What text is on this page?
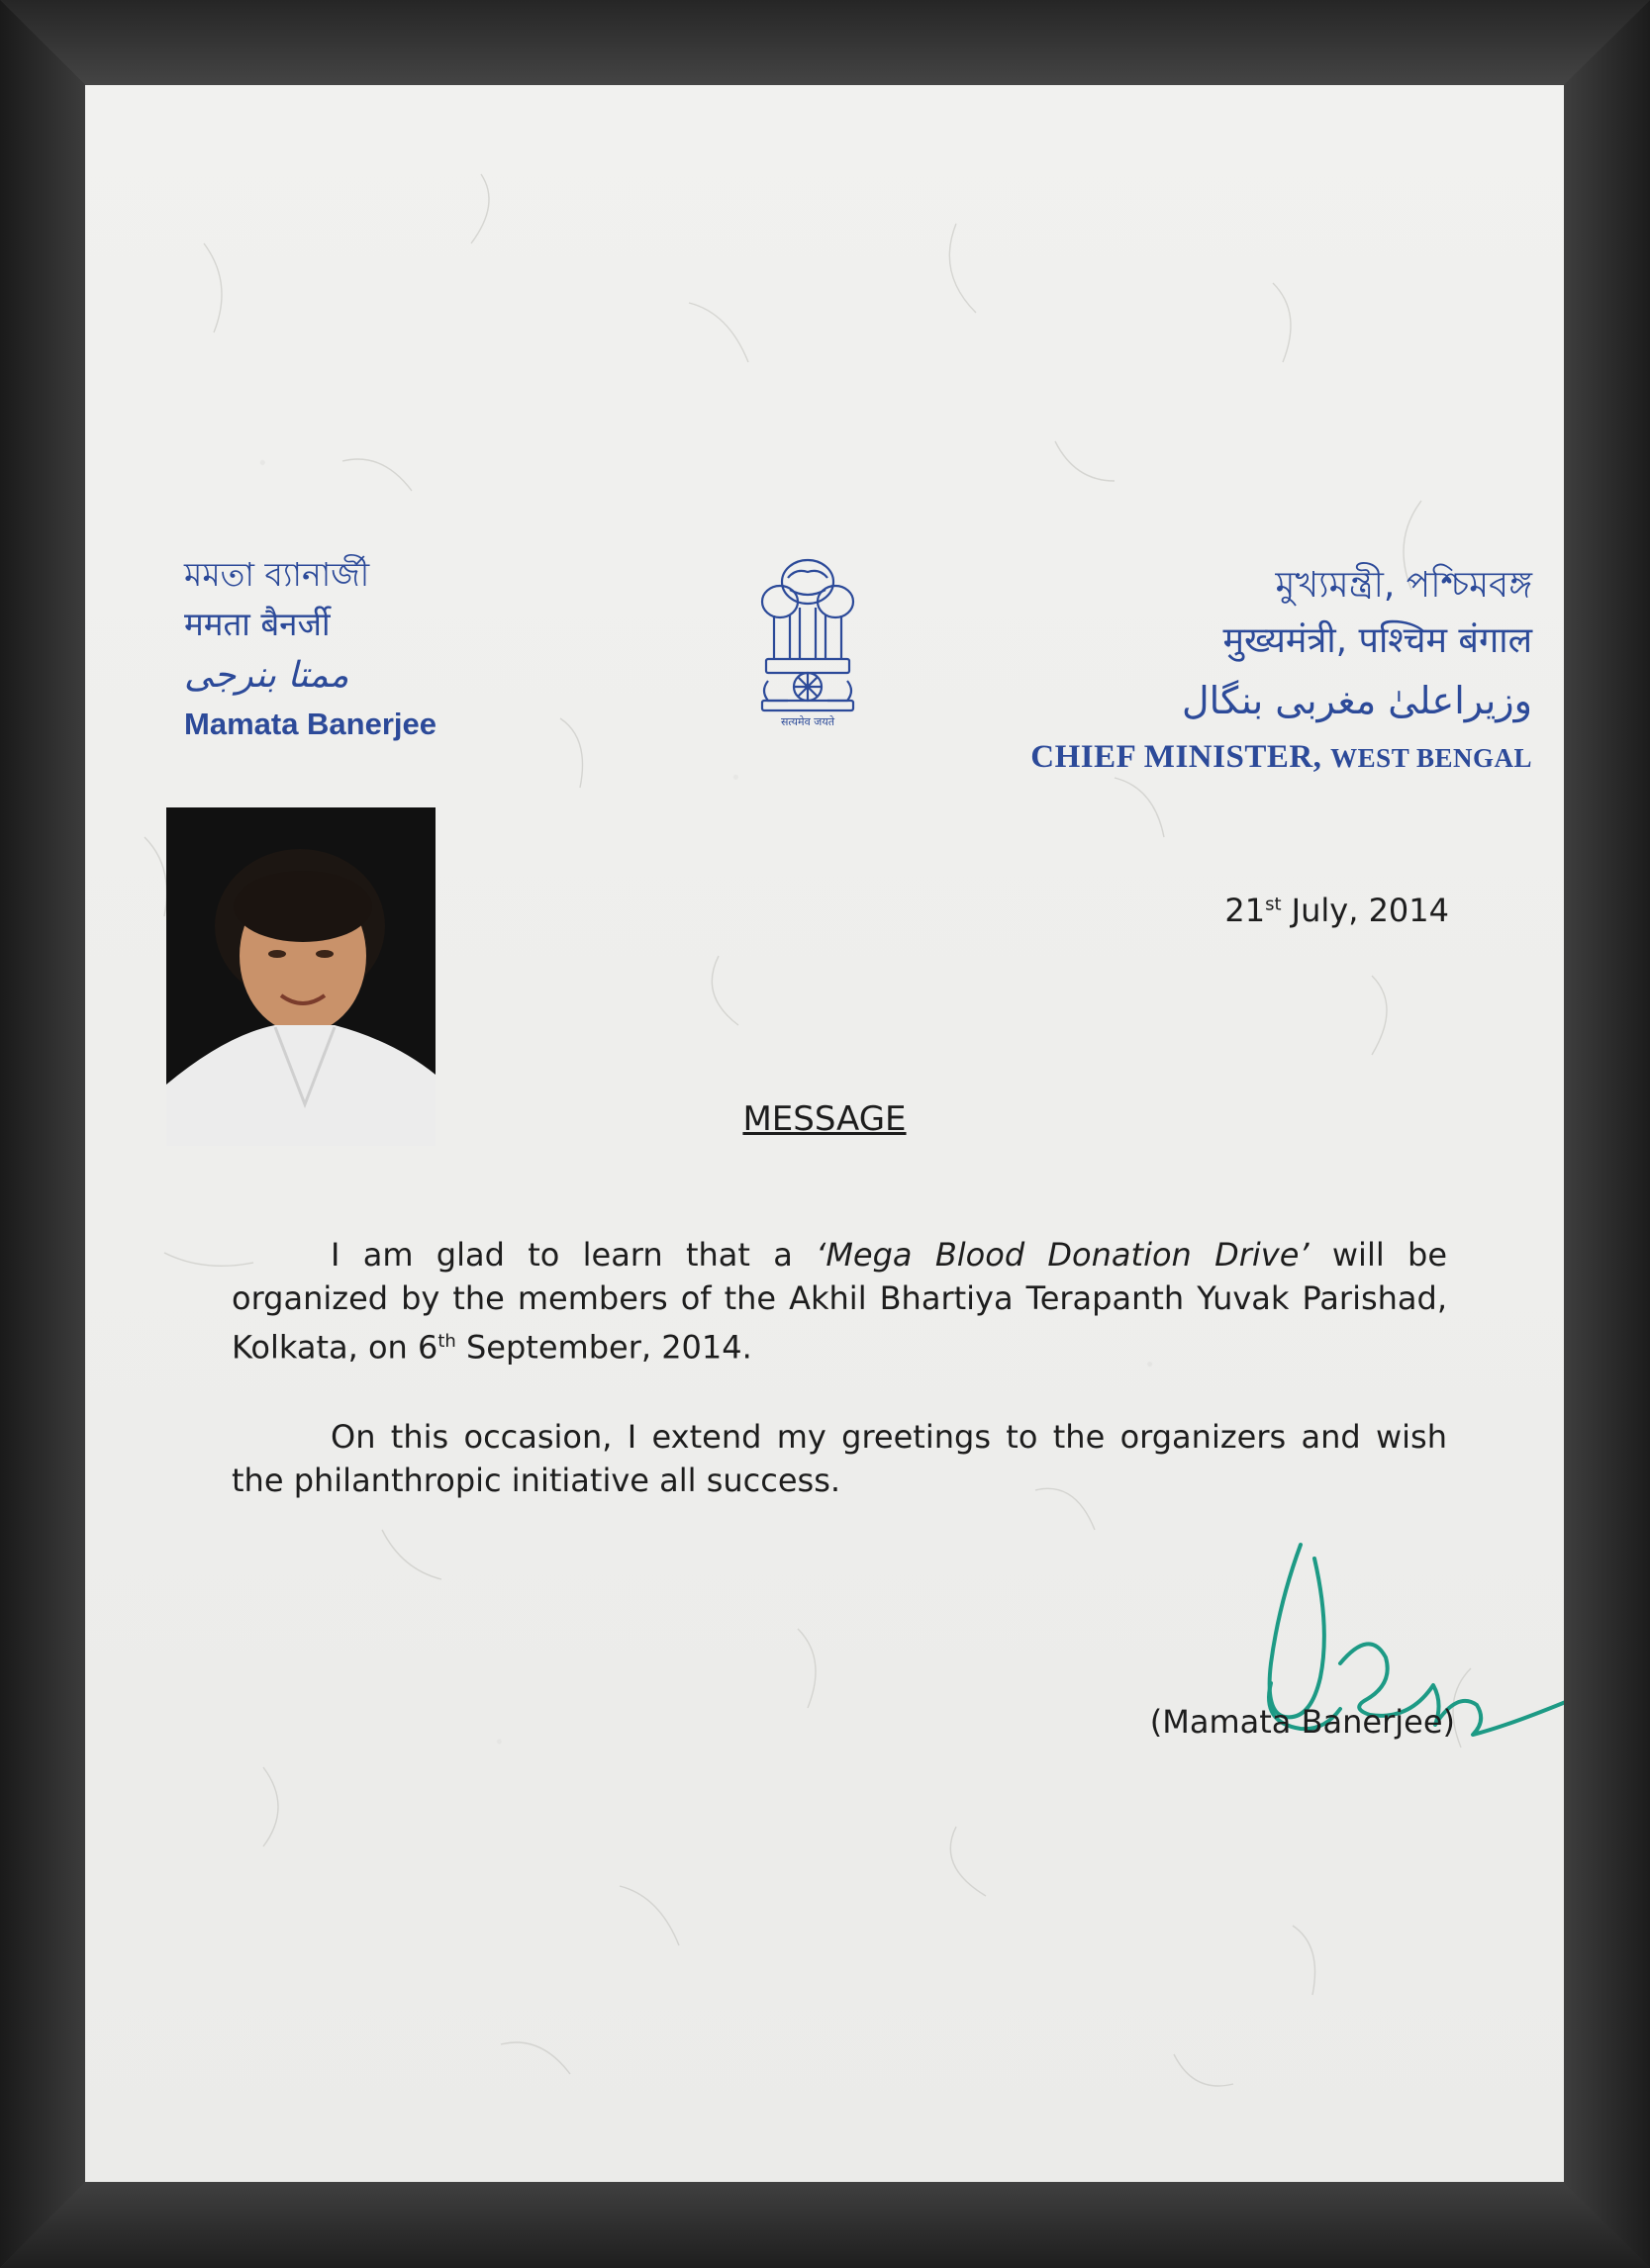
মমতা ব্যানার্জী

ममता बैनर्जी

ممتا بنرجی

Mamata Banerjee	सत्यमेव जयते

মুখ্যমন্ত্রী, পশ্চিমবঙ্গ

मुख्यमंत्री, पश्चिम बंगाल

وزیراعلیٰ مغربی بنگال

CHIEF MINISTER, WEST BENGAL

21st July, 2014
MESSAGE

I am glad to learn that a ‘Mega Blood Donation Drive’ will be organized by the members of the Akhil Bhartiya Terapanth Yuvak Parishad, Kolkata, on 6th September, 2014.

On this occasion, I extend my greetings to the organizers and wish the philanthropic initiative all success.

(Mamata Banerjee)
